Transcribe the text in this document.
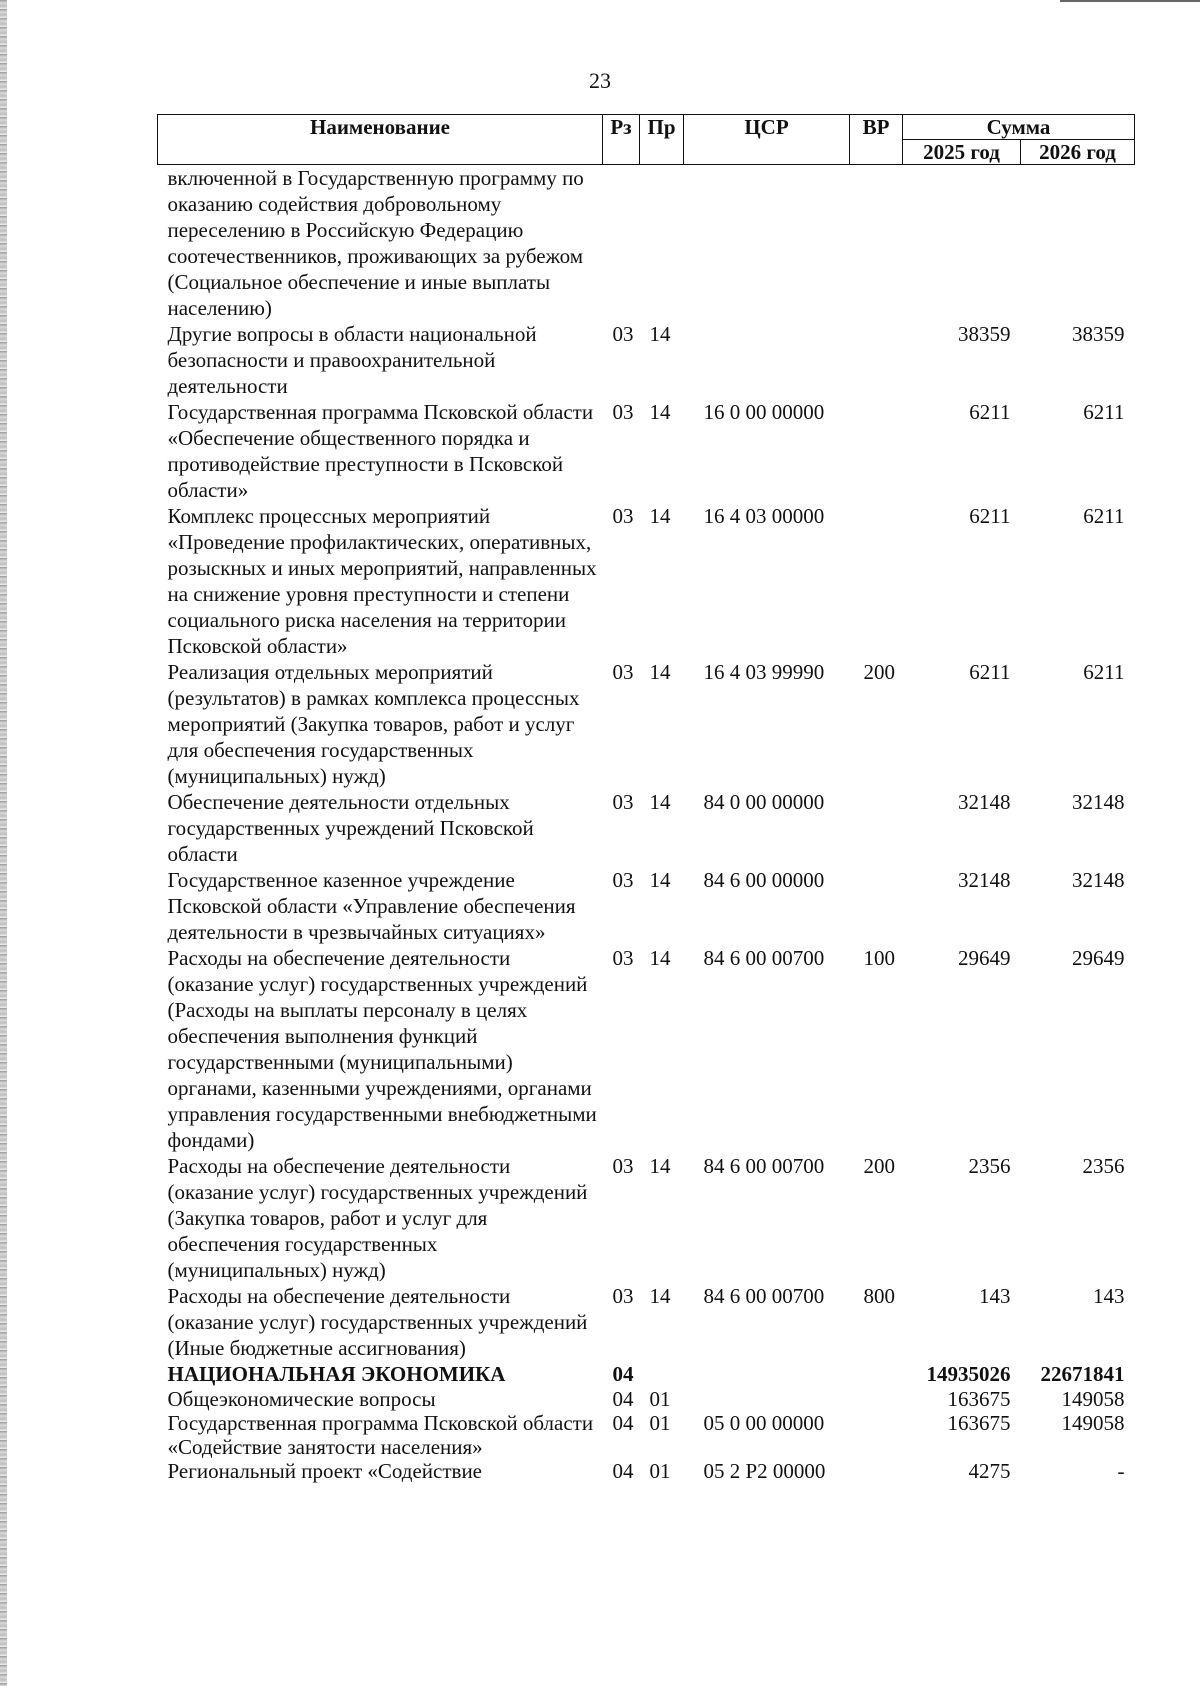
23
Наименование	Рз	Пр	ЦСР	ВР	Сумма	
					2025 год	2026 год
включенной в Государственную программу по оказанию содействия добровольному переселению в Российскую Федерацию соотечественников, проживающих за рубежом (Социальное обеспечение и иные выплаты населению)						
Другие вопросы в области национальной безопасности и правоохранительной деятельности	03	14			38359	38359
Государственная программа Псковской области «Обеспечение общественного порядка и противодействие преступности в Псковской области»	03	14	16 0 00 00000		6211	6211
Комплекс процессных мероприятий «Проведение профилактических, оперативных, розыскных и иных мероприятий, направленных на снижение уровня преступности и степени социального риска населения на территории Псковской области»	03	14	16 4 03 00000		6211	6211
Реализация отдельных мероприятий (результатов) в рамках комплекса процессных мероприятий (Закупка товаров, работ и услуг для обеспечения государственных (муниципальных) нужд)	03	14	16 4 03 99990	200	6211	6211
Обеспечение деятельности отдельных государственных учреждений Псковской области	03	14	84 0 00 00000		32148	32148
Государственное казенное учреждение Псковской области «Управление обеспечения деятельности в чрезвычайных ситуациях»	03	14	84 6 00 00000		32148	32148
Расходы на обеспечение деятельности (оказание услуг) государственных учреждений (Расходы на выплаты персоналу в целях обеспечения выполнения функций государственными (муниципальными) органами, казенными учреждениями, органами управления государственными внебюджетными фондами)	03	14	84 6 00 00700	100	29649	29649
Расходы на обеспечение деятельности (оказание услуг) государственных учреждений (Закупка товаров, работ и услуг для обеспечения государственных (муниципальных) нужд)	03	14	84 6 00 00700	200	2356	2356
Расходы на обеспечение деятельности (оказание услуг) государственных учреждений (Иные бюджетные ассигнования)	03	14	84 6 00 00700	800	143	143
НАЦИОНАЛЬНАЯ ЭКОНОМИКА	04				14935026	22671841
Общеэкономические вопросы	04	01			163675	149058
Государственная программа Псковской области «Содействие занятости населения»	04	01	05 0 00 00000		163675	149058
Региональный проект «Содействие	04	01	05 2 P2 00000		4275	-
